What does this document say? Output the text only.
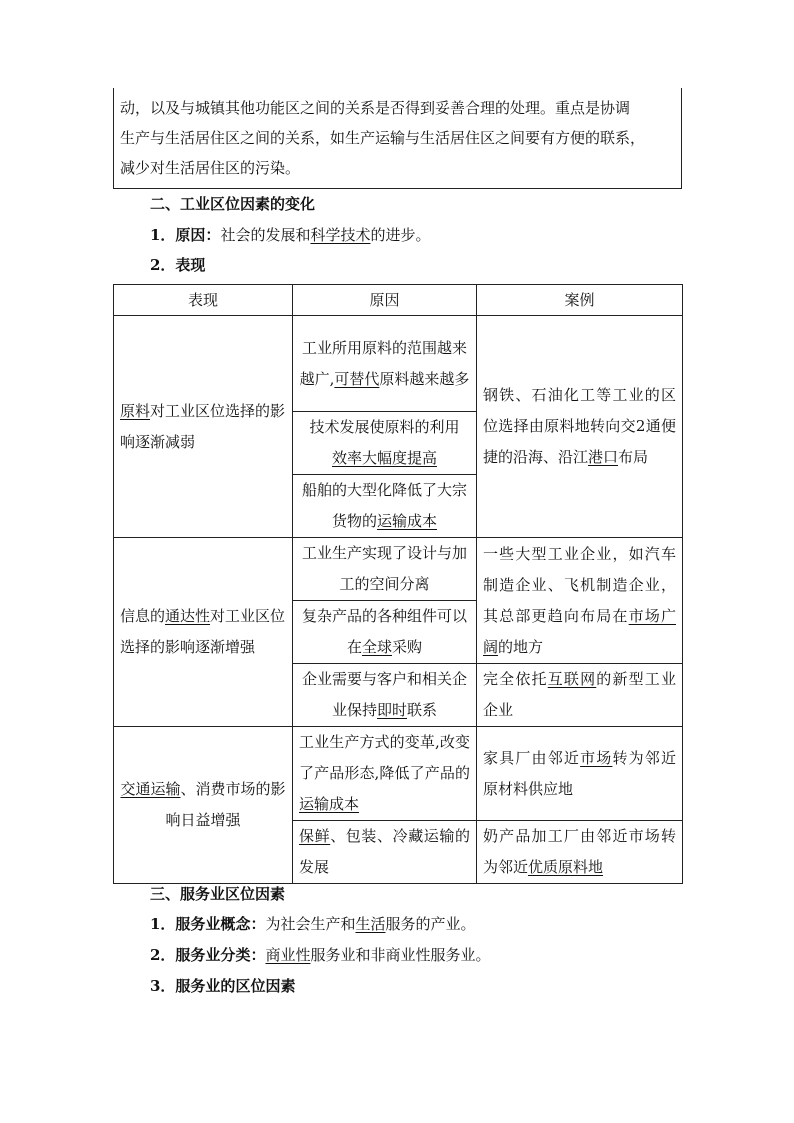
动，以及与城镇其他功能区之间的关系是否得到妥善合理的处理。重点是协调
生产与生活居住区之间的关系，如生产运输与生活居住区之间要有方便的联系，
减少对生活居住区的污染。
二、工业区位因素的变化
1．原因：社会的发展和科学技术的进步。
2．表现
表现	原因	案例
原料对工业区位选择的影响逐渐减弱	工业所用原料的范围越来越广,可替代原料越来越多	钢铁、石油化工等工业的区位选择由原料地转向交2通便捷的沿海、沿江港口布局
	技术发展使原料的利用
效率大幅度提高	
	船舶的大型化降低了大宗货物的运输成本	
信息的通达性对工业区位选择的影响逐渐增强	工业生产实现了设计与加工的空间分离	一些大型工业企业，如汽车制造企业、飞机制造企业，其总部更趋向布局在市场广阔的地方
	复杂产品的各种组件可以在全球采购	
	企业需要与客户和相关企业保持即时联系	完全依托互联网的新型工业企业
交通运输、消费市场的影响日益增强	工业生产方式的变革,改变了产品形态,降低了产品的运输成本	家具厂由邻近市场转为邻近原材料供应地
	保鲜、包装、冷藏运输的发展	奶产品加工厂由邻近市场转为邻近优质原料地
三、服务业区位因素
1．服务业概念：为社会生产和生活服务的产业。
2．服务业分类：商业性服务业和非商业性服务业。
3．服务业的区位因素
